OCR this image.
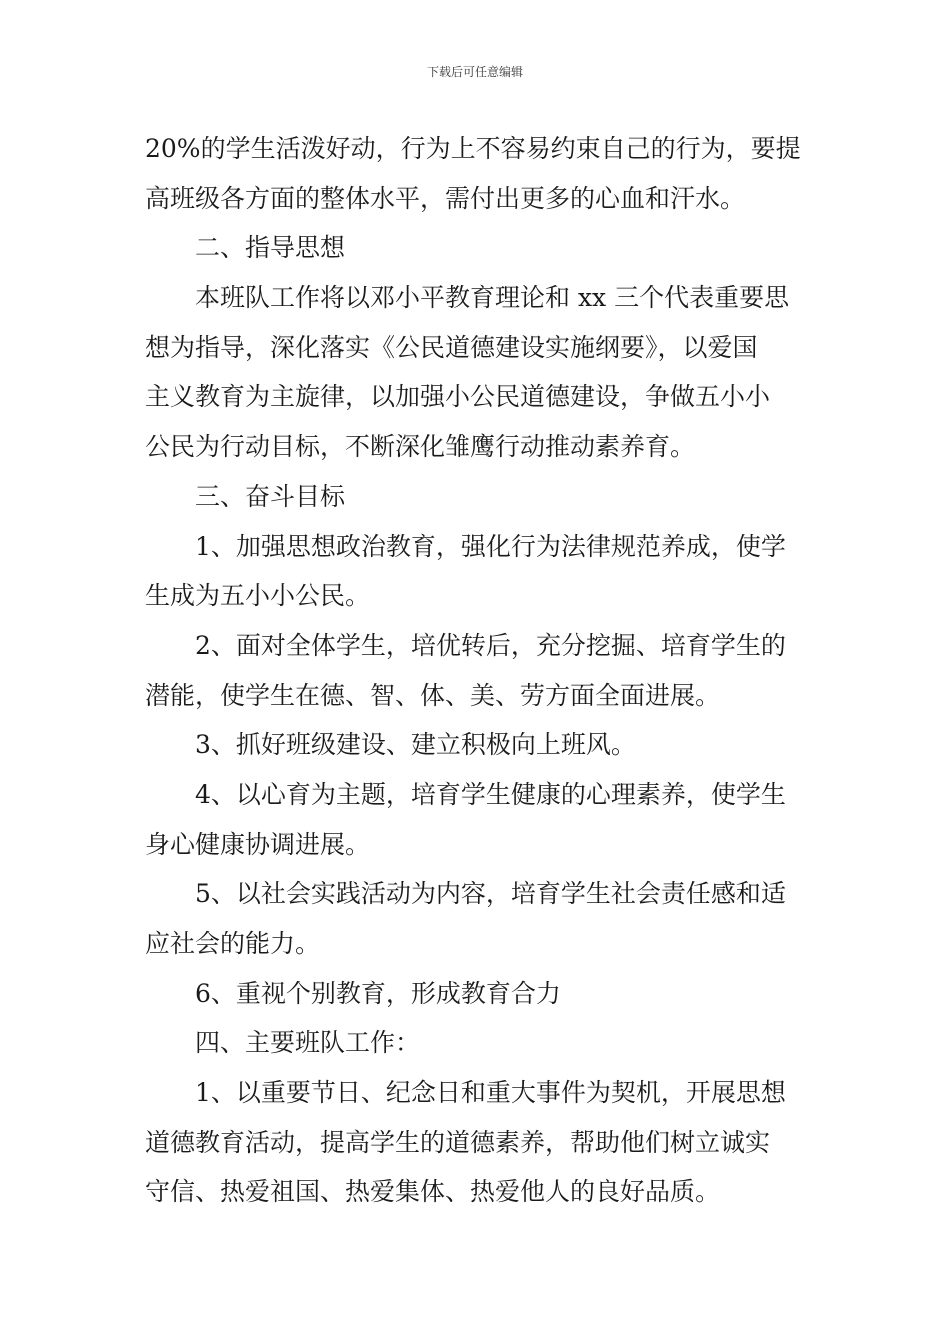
下载后可任意编辑
20%的学生活泼好动，行为上不容易约束自己的行为，要提
高班级各方面的整体水平，需付出更多的心血和汗水。
二、指导思想
本班队工作将以邓小平教育理论和 xx 三个代表重要思
想为指导，深化落实《公民道德建设实施纲要》，以爱国
主义教育为主旋律，以加强小公民道德建设，争做五小小
公民为行动目标，不断深化雏鹰行动推动素养育。
三、奋斗目标
1、加强思想政治教育，强化行为法律规范养成，使学
生成为五小小公民。
2、面对全体学生，培优转后，充分挖掘、培育学生的
潜能，使学生在德、智、体、美、劳方面全面进展。
3、抓好班级建设、建立积极向上班风。
4、以心育为主题，培育学生健康的心理素养，使学生
身心健康协调进展。
5、以社会实践活动为内容，培育学生社会责任感和适
应社会的能力。
6、重视个别教育，形成教育合力
四、主要班队工作：
1、以重要节日、纪念日和重大事件为契机，开展思想
道德教育活动，提高学生的道德素养，帮助他们树立诚实
守信、热爱祖国、热爱集体、热爱他人的良好品质。
